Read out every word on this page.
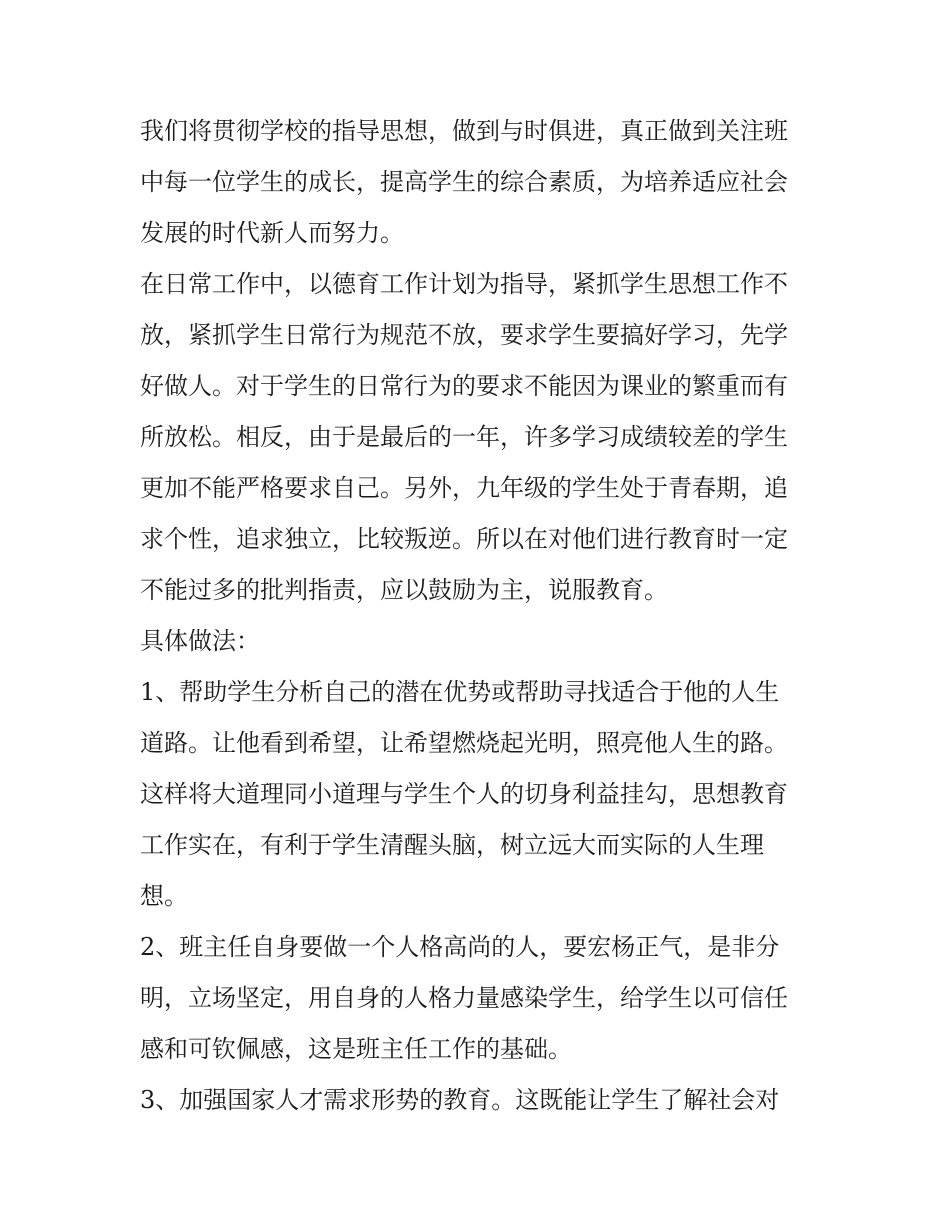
我们将贯彻学校的指导思想，做到与时俱进，真正做到关注班
中每一位学生的成长，提高学生的综合素质，为培养适应社会
发展的时代新人而努力。
在日常工作中，以德育工作计划为指导，紧抓学生思想工作不
放，紧抓学生日常行为规范不放，要求学生要搞好学习，先学
好做人。对于学生的日常行为的要求不能因为课业的繁重而有
所放松。相反，由于是最后的一年，许多学习成绩较差的学生
更加不能严格要求自己。另外，九年级的学生处于青春期，追
求个性，追求独立，比较叛逆。所以在对他们进行教育时一定
不能过多的批判指责，应以鼓励为主，说服教育。
具体做法：
1、帮助学生分析自己的潜在优势或帮助寻找适合于他的人生
道路。让他看到希望，让希望燃烧起光明，照亮他人生的路。
这样将大道理同小道理与学生个人的切身利益挂勾，思想教育
工作实在，有利于学生清醒头脑，树立远大而实际的人生理
想。
2、班主任自身要做一个人格高尚的人，要宏杨正气，是非分
明，立场坚定，用自身的人格力量感染学生，给学生以可信任
感和可钦佩感，这是班主任工作的基础。
3、加强国家人才需求形势的教育。这既能让学生了解社会对
